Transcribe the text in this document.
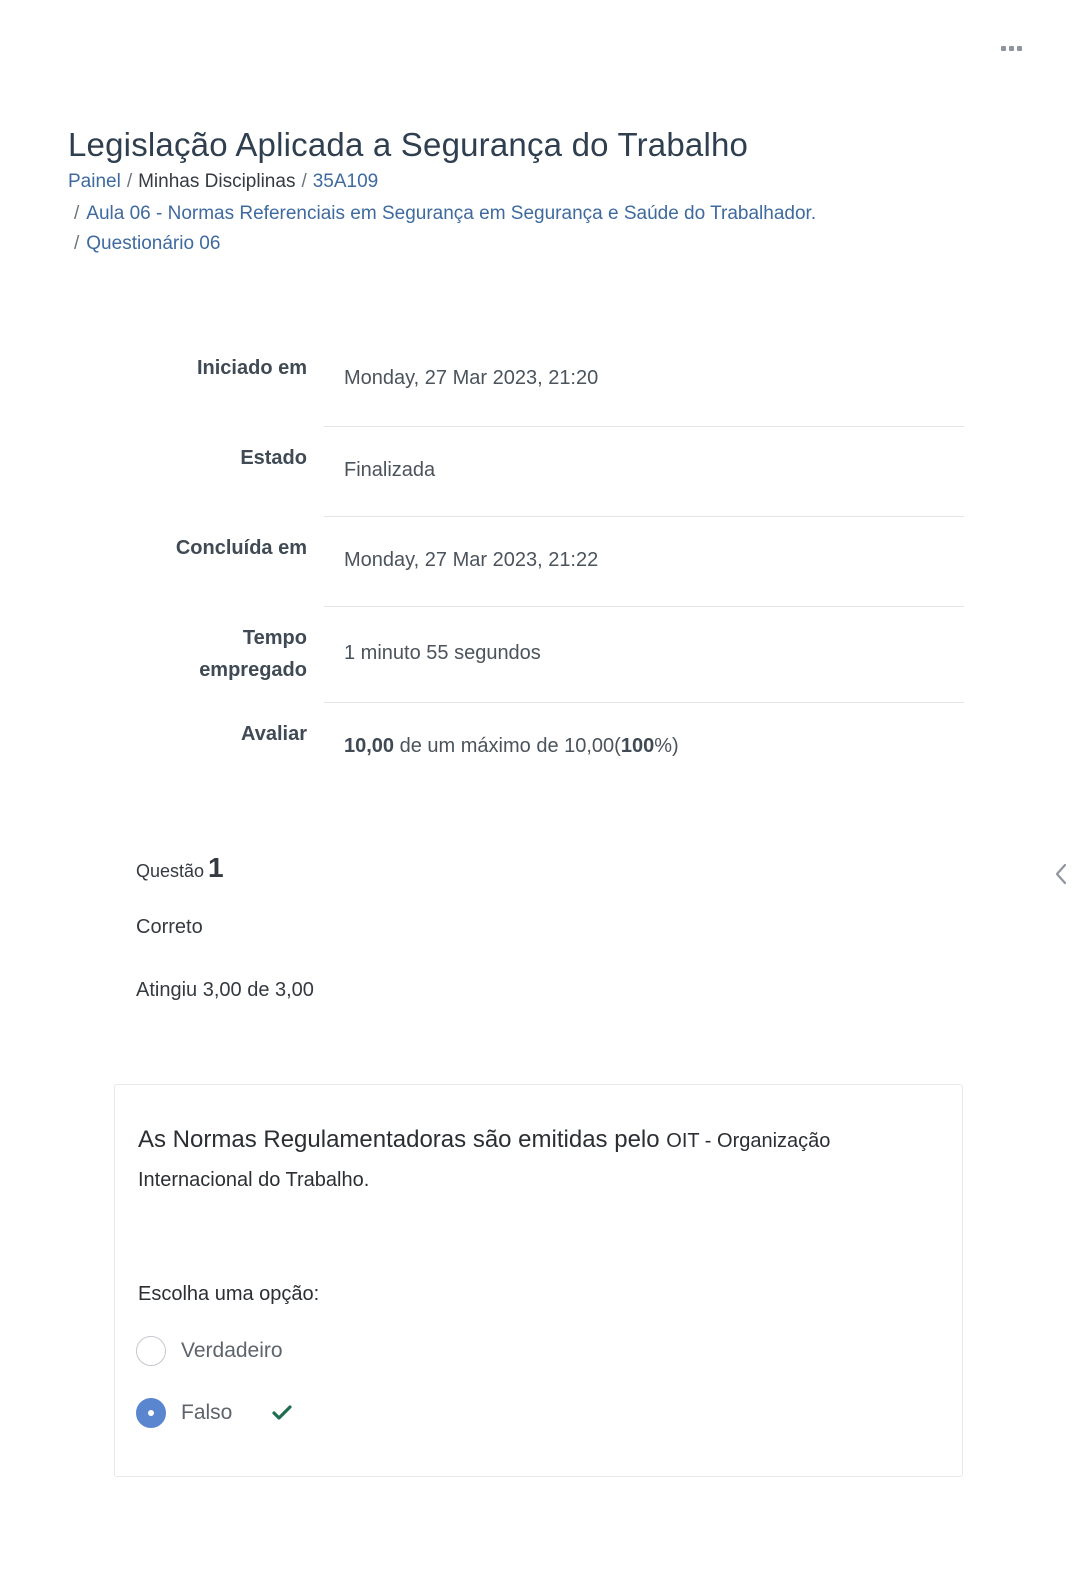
Legislação Aplicada a Segurança do Trabalho
Painel / Minhas Disciplinas / 35A109
/ Aula 06 - Normas Referenciais em Segurança em Segurança e Saúde do Trabalhador.
/ Questionário 06
Iniciado em Monday, 27 Mar 2023, 21:20
Estado
Finalizada
Concluída em
Monday, 27 Mar 2023, 21:22
Tempo
empregado
1 minuto 55 segundos
Avaliar
10,00 de um máximo de 10,00(100%)
Questão 1
Correto
Atingiu 3,00 de 3,00
As Normas Regulamentadoras são emitidas pelo OIT - Organização
Internacional do Trabalho.
Escolha uma opção:
Verdadeiro
Falso
